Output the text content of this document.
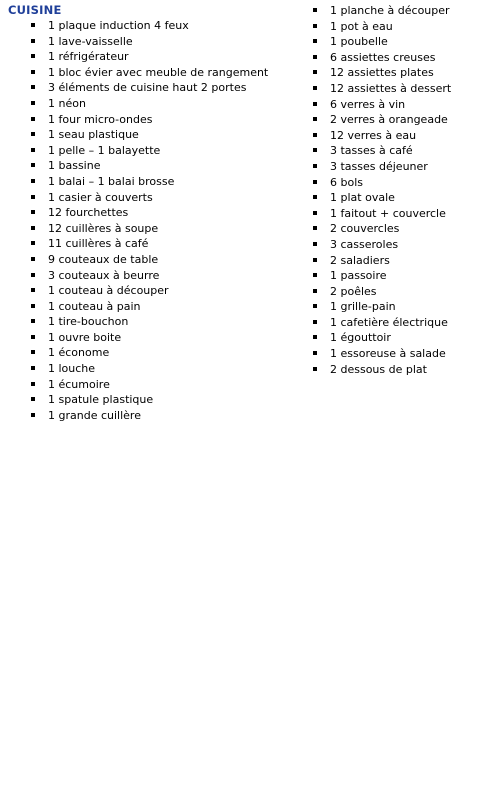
CUISINE
1 plaque induction 4 feux
1 lave-vaisselle
1 réfrigérateur
1 bloc évier avec meuble de rangement
3 éléments de cuisine haut 2 portes
1 néon
1 four micro-ondes
1 seau plastique
1 pelle – 1 balayette
1 bassine
1 balai – 1 balai brosse
1 casier à couverts
12 fourchettes
12 cuillères à soupe
11 cuillères à café
9 couteaux de table
3 couteaux à beurre
1 couteau à découper
1 couteau à pain
1 tire-bouchon
1 ouvre boite
1 économe
1 louche
1 écumoire
1 spatule plastique
1 grande cuillère
1 planche à découper
1 pot à eau
1 poubelle
6 assiettes creuses
12 assiettes plates
12 assiettes à dessert
6 verres à vin
2 verres à orangeade
12 verres à eau
3 tasses à café
3 tasses déjeuner
6 bols
1 plat ovale
1 faitout + couvercle
2 couvercles
3 casseroles
2 saladiers
1 passoire
2 poêles
1 grille-pain
1 cafetière électrique
1 égouttoir
1 essoreuse à salade
2 dessous de plat
